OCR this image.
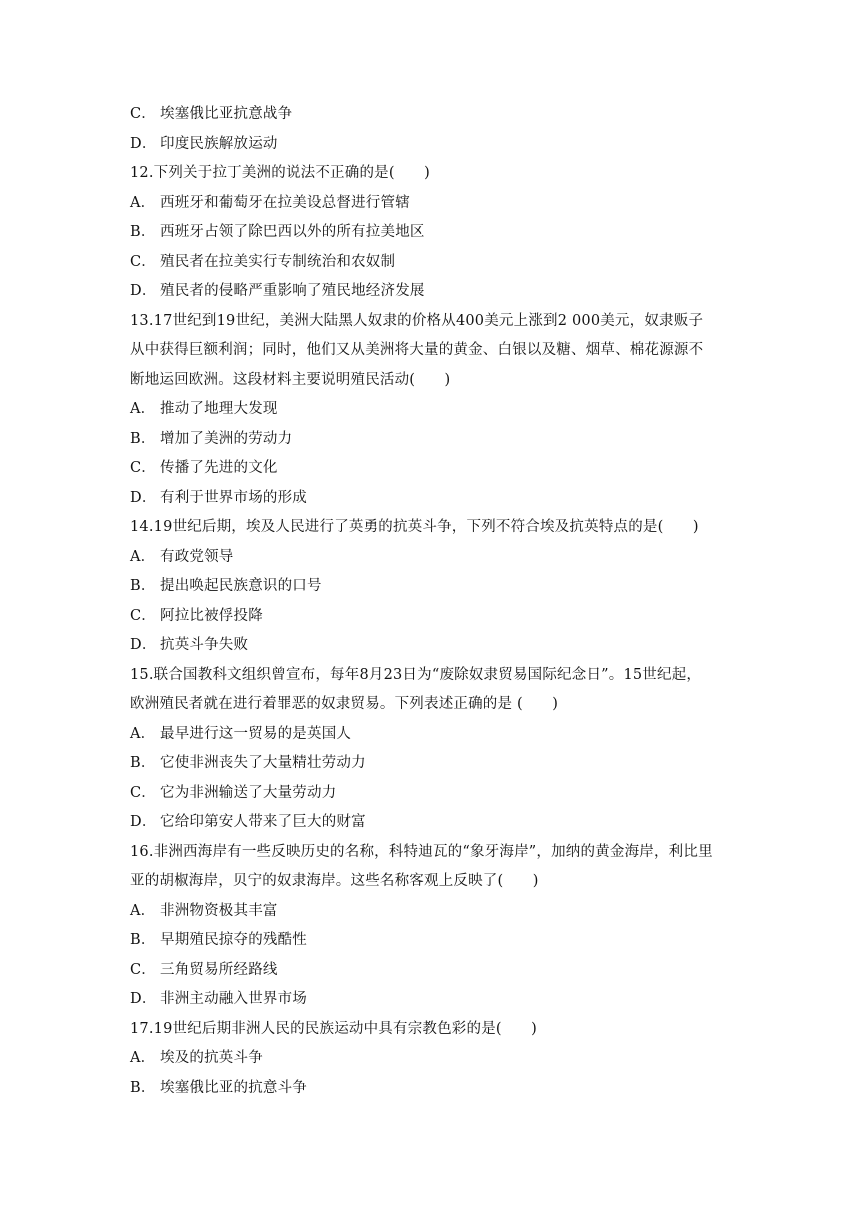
C． 埃塞俄比亚抗意战争
D． 印度民族解放运动
12.下列关于拉丁美洲的说法不正确的是(　　)
A． 西班牙和葡萄牙在拉美设总督进行管辖
B． 西班牙占领了除巴西以外的所有拉美地区
C． 殖民者在拉美实行专制统治和农奴制
D． 殖民者的侵略严重影响了殖民地经济发展
13.17世纪到19世纪，美洲大陆黑人奴隶的价格从400美元上涨到2 000美元，奴隶贩子
从中获得巨额利润；同时，他们又从美洲将大量的黄金、白银以及糖、烟草、棉花源源不
断地运回欧洲。这段材料主要说明殖民活动(　　)
A． 推动了地理大发现
B． 增加了美洲的劳动力
C． 传播了先进的文化
D． 有利于世界市场的形成
14.19世纪后期，埃及人民进行了英勇的抗英斗争，下列不符合埃及抗英特点的是(　　)
A． 有政党领导
B． 提出唤起民族意识的口号
C． 阿拉比被俘投降
D． 抗英斗争失败
15.联合国教科文组织曾宣布，每年8月23日为“废除奴隶贸易国际纪念日”。15世纪起，
欧洲殖民者就在进行着罪恶的奴隶贸易。下列表述正确的是 (　　)
A． 最早进行这一贸易的是英国人
B． 它使非洲丧失了大量精壮劳动力
C． 它为非洲输送了大量劳动力
D． 它给印第安人带来了巨大的财富
16.非洲西海岸有一些反映历史的名称，科特迪瓦的“象牙海岸”，加纳的黄金海岸，利比里
亚的胡椒海岸，贝宁的奴隶海岸。这些名称客观上反映了(　　)
A． 非洲物资极其丰富
B． 早期殖民掠夺的残酷性
C． 三角贸易所经路线
D． 非洲主动融入世界市场
17.19世纪后期非洲人民的民族运动中具有宗教色彩的是(　　)
A． 埃及的抗英斗争
B． 埃塞俄比亚的抗意斗争
